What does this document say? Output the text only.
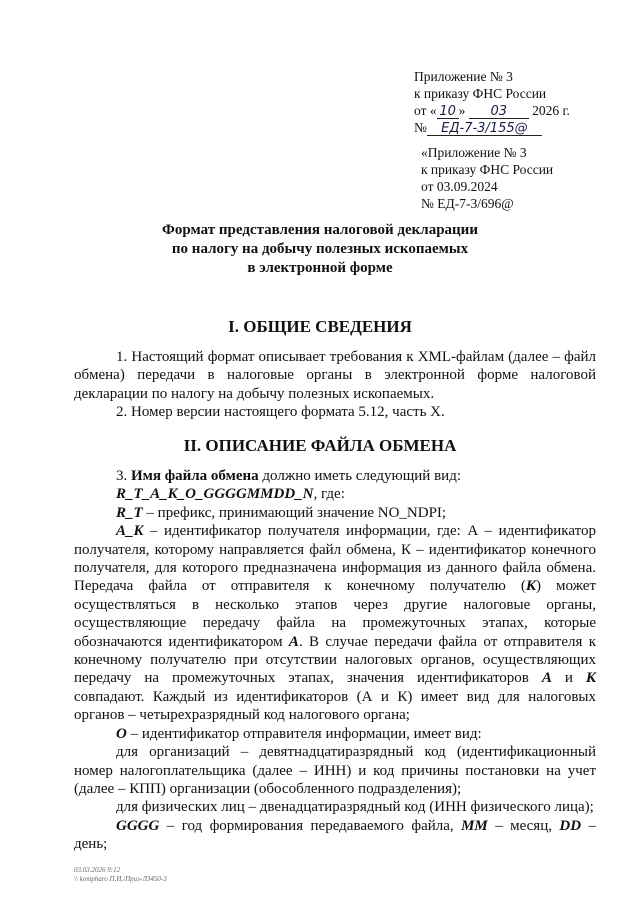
Приложение № 3
к приказу ФНС России
от « 10 » 03 2026 г.
№ ЕД-7-3/155@
«Приложение № 3
к приказу ФНС России
от 03.09.2024
№ ЕД-7-3/696@
Формат представления налоговой декларации
по налогу на добычу полезных ископаемых
в электронной форме
I. ОБЩИЕ СВЕДЕНИЯ

1. Настоящий формат описывает требования к XML-файлам (далее – файл обмена) передачи в налоговые органы в электронной форме налоговой декларации по налогу на добычу полезных ископаемых.

2. Номер версии настоящего формата 5.12, часть X.

II. ОПИСАНИЕ ФАЙЛА ОБМЕНА

3. Имя файла обмена должно иметь следующий вид:

R_T_A_K_O_GGGGMMDD_N, где:

R_T – префикс, принимающий значение NO_NDPI;

A_K – идентификатор получателя информации, где: А – идентификатор получателя, которому направляется файл обмена, К – идентификатор конечного получателя, для которого предназначена информация из данного файла обмена. Передача файла от отправителя к конечному получателю (К) может осуществляться в несколько этапов через другие налоговые органы, осуществляющие передачу файла на промежуточных этапах, которые обозначаются идентификатором А. В случае передачи файла от отправителя к конечному получателю при отсутствии налоговых органов, осуществляющих передачу на промежуточных этапах, значения идентификаторов А и К совпадают. Каждый из идентификаторов (А и К) имеет вид для налоговых органов – четырехразрядный код налогового органа;

О – идентификатор отправителя информации, имеет вид:

для организаций – девятнадцатиразрядный код (идентификационный номер налогоплательщика (далее – ИНН) и код причины постановки на учет (далее – КПП) организации (обособленного подразделения);

для физических лиц – двенадцатиразрядный код (ИНН физического лица);

GGGG – год формирования передаваемого файла, MM – месяц, DD – день;

03.03.2026 9:12
\\ kompharo П.И./Приз-Л3450-3
